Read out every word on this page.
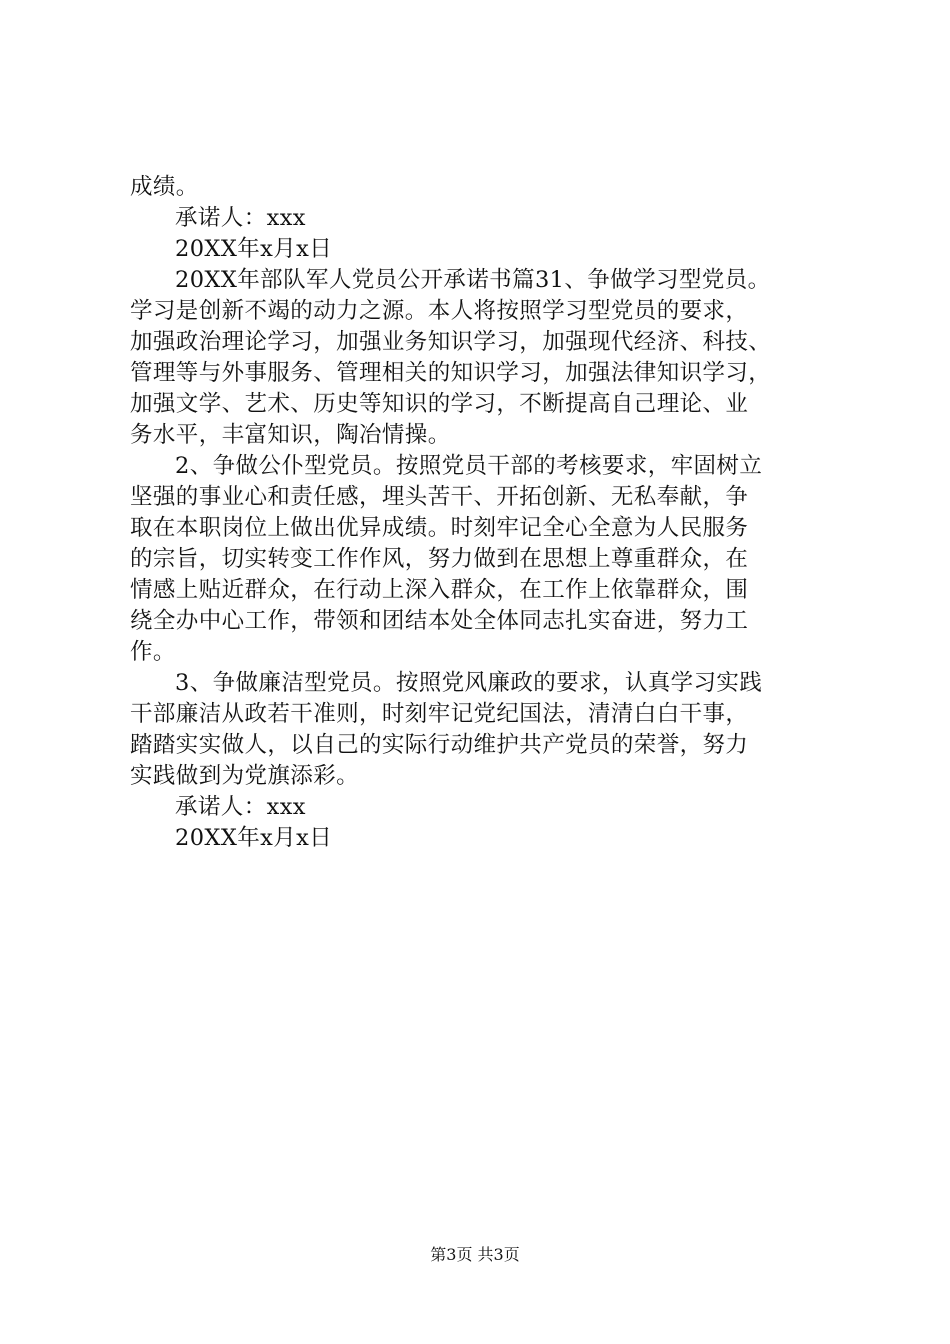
成绩。
承诺人：xxx
20XX年x月x日
20XX年部队军人党员公开承诺书篇31、争做学习型党员。
学习是创新不竭的动力之源。本人将按照学习型党员的要求，
加强政治理论学习，加强业务知识学习，加强现代经济、科技、
管理等与外事服务、管理相关的知识学习，加强法律知识学习，
加强文学、艺术、历史等知识的学习，不断提高自己理论、业
务水平，丰富知识，陶冶情操。
2、争做公仆型党员。按照党员干部的考核要求，牢固树立
坚强的事业心和责任感，埋头苦干、开拓创新、无私奉献，争
取在本职岗位上做出优异成绩。时刻牢记全心全意为人民服务
的宗旨，切实转变工作作风，努力做到在思想上尊重群众，在
情感上贴近群众，在行动上深入群众，在工作上依靠群众，围
绕全办中心工作，带领和团结本处全体同志扎实奋进，努力工
作。
3、争做廉洁型党员。按照党风廉政的要求，认真学习实践
干部廉洁从政若干准则，时刻牢记党纪国法，清清白白干事，
踏踏实实做人，以自己的实际行动维护共产党员的荣誉，努力
实践做到为党旗添彩。
承诺人：xxx
20XX年x月x日
第3页 共3页
